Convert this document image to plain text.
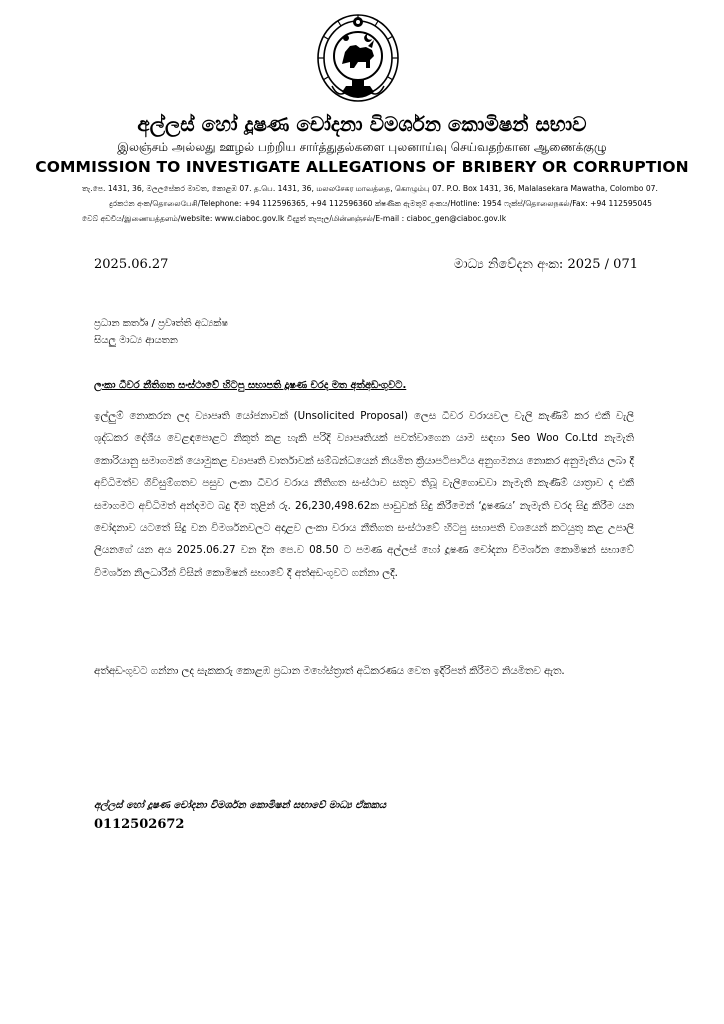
අල්ලස් හෝ දූෂණ චෝදනා විමර්ශන කොමිෂන් සභාව
இலஞ்சம் அல்லது ஊழல் பற்றிய சார்த்துதல்களை புலனாய்வு செய்வதற்கான ஆணைக்குழு
COMMISSION TO INVESTIGATE ALLEGATIONS OF BRIBERY OR CORRUPTION
තැ.පෙ. 1431, 36, මලලසේකර මාවත, කොළඹ 07. த.பெ. 1431, 36, மலலசேகர மாவத்தை, கொழும்பு 07. P.O. Box 1431, 36, Malalasekara Mawatha, Colombo 07.
දුරකථන අංක/தொலைபேசி/Telephone: +94 112596365, +94 112596360 ක්ෂණික ඇමතුම් අංකය/Hotline: 1954 ෆැක්ස්/தொலைநகல்/Fax: +94 112595045
වෙබ් අඩවිය/இணையத்தளம்/website: www.ciaboc.gov.lk විද්‍යුත් තැපෑල/மின்னஞ்சல்/E-mail : ciaboc_gen@ciaboc.gov.lk
2025.06.27	මාධ්‍ය නිවේදන අංක: 2025 / 071
ප්‍රධාන කර්තෘ / ප්‍රවෘත්ති අධ්‍යක්ෂ
සියලු මාධ්‍ය ආයතන
ලංකා ධීවර නීතිගත සංස්ථාවේ හිටපු සභාපති දූෂණ චරද මත අත්අඩංගුවට.
ඉල්ලුම් නොකරන ලද ව්‍යාපෘති යෝජනාවක් (Unsolicited Proposal) ලෙස ධීවර වරායවල වැලි කැණීම් කර එකී වැලි ශුද්ධකර දේශීය වෙළඳපොළට නිකුත් කළ හැකි පරිදි ව්‍යාපෘතියක් පවත්වාගෙන යාම සඳහා Seo Woo Co.Ltd නැමැති කොරියානු සමාගමක් යොමුකළ ව්‍යාපෘති වාර්තාවක් සම්බන්ධයෙන් නියමිත ක්‍රියාපටිපාටිය අනුගමනය නොකර අනුමැතිය ලබා දී අවිධිමත්ව ගිවිසුම්ගතව පසුව ලංකා ධීවර වරාය නීතිගත සංස්ථාව සතුව තිබූ වැලිගොඩවා නැමැති කැණීම් යාත්‍රාව ද එකී සමාගමට අවිධිමත් අන්දමට බදු දීම තුළින් රු. 26,230,498.62ක පාඩුවක් සිදු කිරීමෙන් ‘දූෂණය’ නැමැති වරද සිදු කිරීම යන චෝදනාව යටතේ සිදු වන විමර්ශනවලට අදාළව ලංකා වරාය නීතිගත සංස්ථාවේ හිටපු සභාපති වශයෙන් කටයුතු කළ උපාලි ලියනගේ යන අය 2025.06.27 වන දින පෙ.ව 08.50 ට පමණ අල්ලස් හෝ දූෂණ චෝදනා විමර්ශන කොමිෂන් සභාවේ විමර්ශන නිලධාරීන් විසින් කොමිෂන් සභාවේ දී අත්අඩංගුවට ගන්නා ලදී.
අත්අඩංගුවට ගන්නා ලද සැකකරු කොළඹ ප්‍රධාන මහේස්ත්‍රාත් අධිකරණය වෙත ඉදිරිපත් කිරීමට නියමිතව ඇත.
අල්ලස් හෝ දූෂණ චෝදනා විමර්ශන කොමිෂන් සභාවේ මාධ්‍ය ඒකකය
0112502672
